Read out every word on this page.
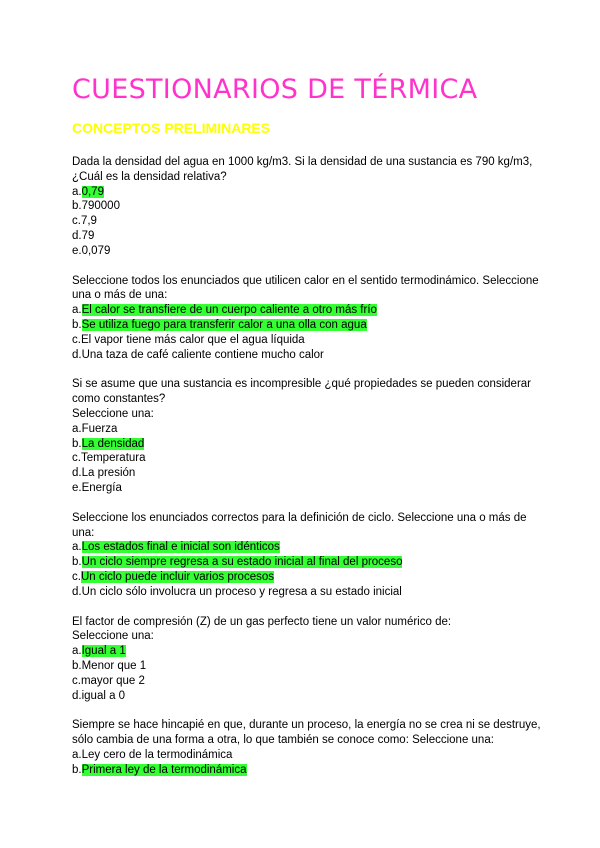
CUESTIONARIOS DE TÉRMICA
CONCEPTOS PRELIMINARES

Dada la densidad del agua en 1000 kg/m3. Si la densidad de una sustancia es 790 kg/m3,
¿Cuál es la densidad relativa?

a.0,79
b.790000
c.7,9
d.79
e.0,079

Seleccione todos los enunciados que utilicen calor en el sentido termodinámico. Seleccione
una o más de una:

a.El calor se transfiere de un cuerpo caliente a otro más frío
b.Se utiliza fuego para transferir calor a una olla con agua
c.El vapor tiene más calor que el agua líquida
d.Una taza de café caliente contiene mucho calor

Si se asume que una sustancia es incompresible ¿qué propiedades se pueden considerar
como constantes?
Seleccione una:

a.Fuerza
b.La densidad
c.Temperatura
d.La presión
e.Energía

Seleccione los enunciados correctos para la definición de ciclo. Seleccione una o más de
una:

a.Los estados final e inicial son idénticos
b.Un ciclo siempre regresa a su estado inicial al final del proceso
c.Un ciclo puede incluir varios procesos
d.Un ciclo sólo involucra un proceso y regresa a su estado inicial

El factor de compresión (Z) de un gas perfecto tiene un valor numérico de:
Seleccione una:

a.Igual a 1
b.Menor que 1
c.mayor que 2
d.igual a 0

Siempre se hace hincapié en que, durante un proceso, la energía no se crea ni se destruye,
sólo cambia de una forma a otra, lo que también se conoce como: Seleccione una:

a.Ley cero de la termodinámica
b.Primera ley de la termodinámica
